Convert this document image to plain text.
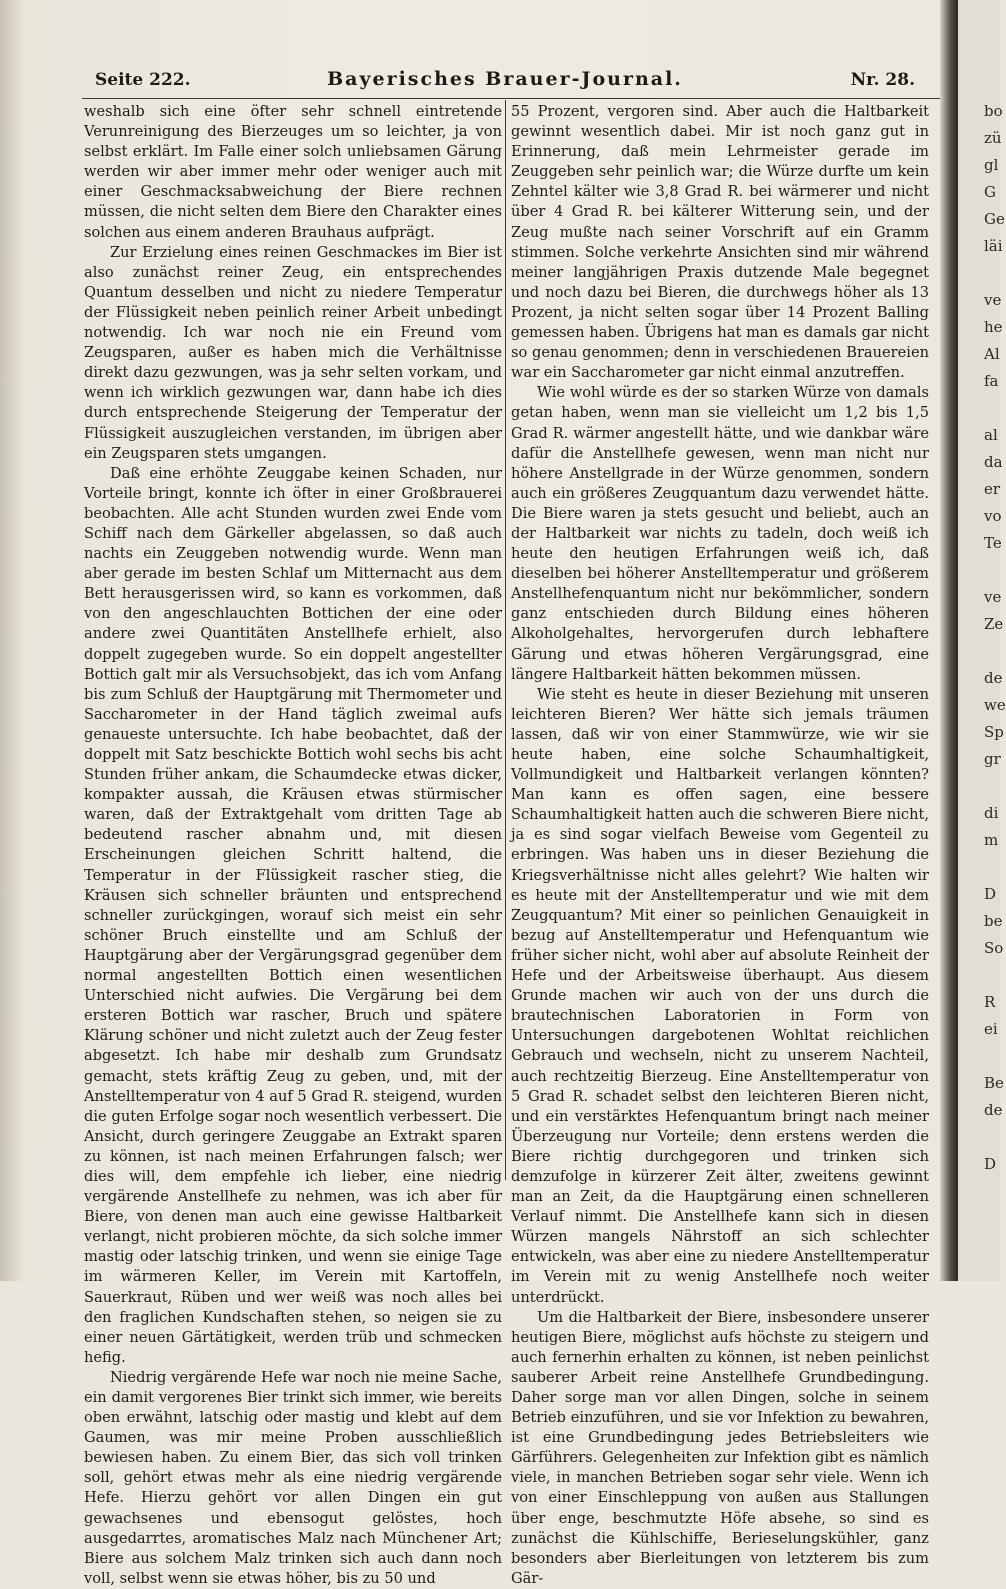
Seite 222.	Bayerisches Brauer-Journal.	Nr. 28.

weshalb sich eine öfter sehr schnell eintretende Verunreinigung des Bierzeuges um so leichter, ja von selbst erklärt. Im Falle einer solch unliebsamen Gärung werden wir aber immer mehr oder weniger auch mit einer Geschmacksabweichung der Biere rechnen müssen, die nicht selten dem Biere den Charakter eines solchen aus einem anderen Brauhaus aufprägt.

Zur Erzielung eines reinen Geschmackes im Bier ist also zunächst reiner Zeug, ein entsprechendes Quantum desselben und nicht zu niedere Temperatur der Flüssigkeit neben peinlich reiner Arbeit unbedingt notwendig. Ich war noch nie ein Freund vom Zeugsparen, außer es haben mich die Verhältnisse direkt dazu gezwungen, was ja sehr selten vorkam, und wenn ich wirklich gezwungen war, dann habe ich dies durch entsprechende Steigerung der Temperatur der Flüssigkeit auszugleichen verstanden, im übrigen aber ein Zeugsparen stets umgangen.

Daß eine erhöhte Zeuggabe keinen Schaden, nur Vorteile bringt, konnte ich öfter in einer Großbrauerei beobachten. Alle acht Stunden wurden zwei Ende vom Schiff nach dem Gärkeller abgelassen, so daß auch nachts ein Zeuggeben notwendig wurde. Wenn man aber gerade im besten Schlaf um Mitternacht aus dem Bett herausgerissen wird, so kann es vorkommen, daß von den angeschlauchten Bottichen der eine oder andere zwei Quantitäten Anstellhefe erhielt, also doppelt zugegeben wurde. So ein doppelt angestellter Bottich galt mir als Versuchsobjekt, das ich vom Anfang bis zum Schluß der Hauptgärung mit Thermometer und Saccharometer in der Hand täglich zweimal aufs genaueste untersuchte. Ich habe beobachtet, daß der doppelt mit Satz beschickte Bottich wohl sechs bis acht Stunden früher ankam, die Schaumdecke etwas dicker, kompakter aussah, die Kräusen etwas stürmischer waren, daß der Extraktgehalt vom dritten Tage ab bedeutend rascher abnahm und, mit diesen Erscheinungen gleichen Schritt haltend, die Temperatur in der Flüssigkeit rascher stieg, die Kräusen sich schneller bräunten und entsprechend schneller zurückgingen, worauf sich meist ein sehr schöner Bruch einstellte und am Schluß der Hauptgärung aber der Vergärungsgrad gegenüber dem normal angestellten Bottich einen wesentlichen Unterschied nicht aufwies. Die Vergärung bei dem ersteren Bottich war rascher, Bruch und spätere Klärung schöner und nicht zuletzt auch der Zeug fester abgesetzt. Ich habe mir deshalb zum Grundsatz gemacht, stets kräftig Zeug zu geben, und, mit der Anstelltemperatur von 4 auf 5 Grad R. steigend, wurden die guten Erfolge sogar noch wesentlich verbessert. Die Ansicht, durch geringere Zeuggabe an Extrakt sparen zu können, ist nach meinen Erfahrungen falsch; wer dies will, dem empfehle ich lieber, eine niedrig vergärende Anstellhefe zu nehmen, was ich aber für Biere, von denen man auch eine gewisse Haltbarkeit verlangt, nicht probieren möchte, da sich solche immer mastig oder latschig trinken, und wenn sie einige Tage im wärmeren Keller, im Verein mit Kartoffeln, Sauerkraut, Rüben und wer weiß was noch alles bei den fraglichen Kundschaften stehen, so neigen sie zu einer neuen Gärtätigkeit, werden trüb und schmecken hefig.

Niedrig vergärende Hefe war noch nie meine Sache, ein damit vergorenes Bier trinkt sich immer, wie bereits oben erwähnt, latschig oder mastig und klebt auf dem Gaumen, was mir meine Proben ausschließlich bewiesen haben. Zu einem Bier, das sich voll trinken soll, gehört etwas mehr als eine niedrig vergärende Hefe. Hierzu gehört vor allen Dingen ein gut gewachsenes und ebensogut gelöstes, hoch ausgedarrtes, aromatisches Malz nach Münchener Art; Biere aus solchem Malz trinken sich auch dann noch voll, selbst wenn sie etwas höher, bis zu 50 und

55 Prozent, vergoren sind. Aber auch die Haltbarkeit gewinnt wesentlich dabei. Mir ist noch ganz gut in Erinnerung, daß mein Lehrmeister gerade im Zeuggeben sehr peinlich war; die Würze durfte um kein Zehntel kälter wie 3,8 Grad R. bei wärmerer und nicht über 4 Grad R. bei kälterer Witterung sein, und der Zeug mußte nach seiner Vorschrift auf ein Gramm stimmen. Solche verkehrte Ansichten sind mir während meiner langjährigen Praxis dutzende Male begegnet und noch dazu bei Bieren, die durchwegs höher als 13 Prozent, ja nicht selten sogar über 14 Prozent Balling gemessen haben. Übrigens hat man es damals gar nicht so genau genommen; denn in verschiedenen Brauereien war ein Saccharometer gar nicht einmal anzutreffen.

Wie wohl würde es der so starken Würze von damals getan haben, wenn man sie vielleicht um 1,2 bis 1,5 Grad R. wärmer angestellt hätte, und wie dankbar wäre dafür die Anstellhefe gewesen, wenn man nicht nur höhere Anstellgrade in der Würze genommen, sondern auch ein größeres Zeugquantum dazu verwendet hätte. Die Biere waren ja stets gesucht und beliebt, auch an der Haltbarkeit war nichts zu tadeln, doch weiß ich heute den heutigen Erfahrungen weiß ich, daß dieselben bei höherer Anstelltemperatur und größerem Anstellhefenquantum nicht nur bekömmlicher, sondern ganz entschieden durch Bildung eines höheren Alkoholgehaltes, hervorgerufen durch lebhaftere Gärung und etwas höheren Vergärungsgrad, eine längere Haltbarkeit hätten bekommen müssen.

Wie steht es heute in dieser Beziehung mit unseren leichteren Bieren? Wer hätte sich jemals träumen lassen, daß wir von einer Stammwürze, wie wir sie heute haben, eine solche Schaumhaltigkeit, Vollmundigkeit und Haltbarkeit verlangen könnten? Man kann es offen sagen, eine bessere Schaumhaltigkeit hatten auch die schweren Biere nicht, ja es sind sogar vielfach Beweise vom Gegenteil zu erbringen. Was haben uns in dieser Beziehung die Kriegsverhältnisse nicht alles gelehrt? Wie halten wir es heute mit der Anstelltemperatur und wie mit dem Zeugquantum? Mit einer so peinlichen Genauigkeit in bezug auf Anstelltemperatur und Hefenquantum wie früher sicher nicht, wohl aber auf absolute Reinheit der Hefe und der Arbeitsweise überhaupt. Aus diesem Grunde machen wir auch von der uns durch die brautechnischen Laboratorien in Form von Untersuchungen dargebotenen Wohltat reichlichen Gebrauch und wechseln, nicht zu unserem Nachteil, auch rechtzeitig Bierzeug. Eine Anstelltemperatur von 5 Grad R. schadet selbst den leichteren Bieren nicht, und ein verstärktes Hefenquantum bringt nach meiner Überzeugung nur Vorteile; denn erstens werden die Biere richtig durchgegoren und trinken sich demzufolge in kürzerer Zeit älter, zweitens gewinnt man an Zeit, da die Hauptgärung einen schnelleren Verlauf nimmt. Die Anstellhefe kann sich in diesen Würzen mangels Nährstoff an sich schlechter entwickeln, was aber eine zu niedere Anstelltemperatur im Verein mit zu wenig Anstellhefe noch weiter unterdrückt.

Um die Haltbarkeit der Biere, insbesondere unserer heutigen Biere, möglichst aufs höchste zu steigern und auch fernerhin erhalten zu können, ist neben peinlichst sauberer Arbeit reine Anstellhefe Grundbedingung. Daher sorge man vor allen Dingen, solche in seinem Betrieb einzuführen, und sie vor Infektion zu bewahren, ist eine Grundbedingung jedes Betriebsleiters wie Gärführers. Gelegenheiten zur Infektion gibt es nämlich viele, in manchen Betrieben sogar sehr viele. Wenn ich von einer Einschleppung von außen aus Stallungen über enge, beschmutzte Höfe absehe, so sind es zunächst die Kühlschiffe, Berieselungskühler, ganz besonders aber Bierleitungen von letzterem bis zum Gär-

bo
zü
gl
G
Ge
läi
ve
he
Al
fa
al
da
er
vo
Te
ve
Ze
de
we
Sp
gr
di
m
D
be
So
R
ei
Be
de
D
